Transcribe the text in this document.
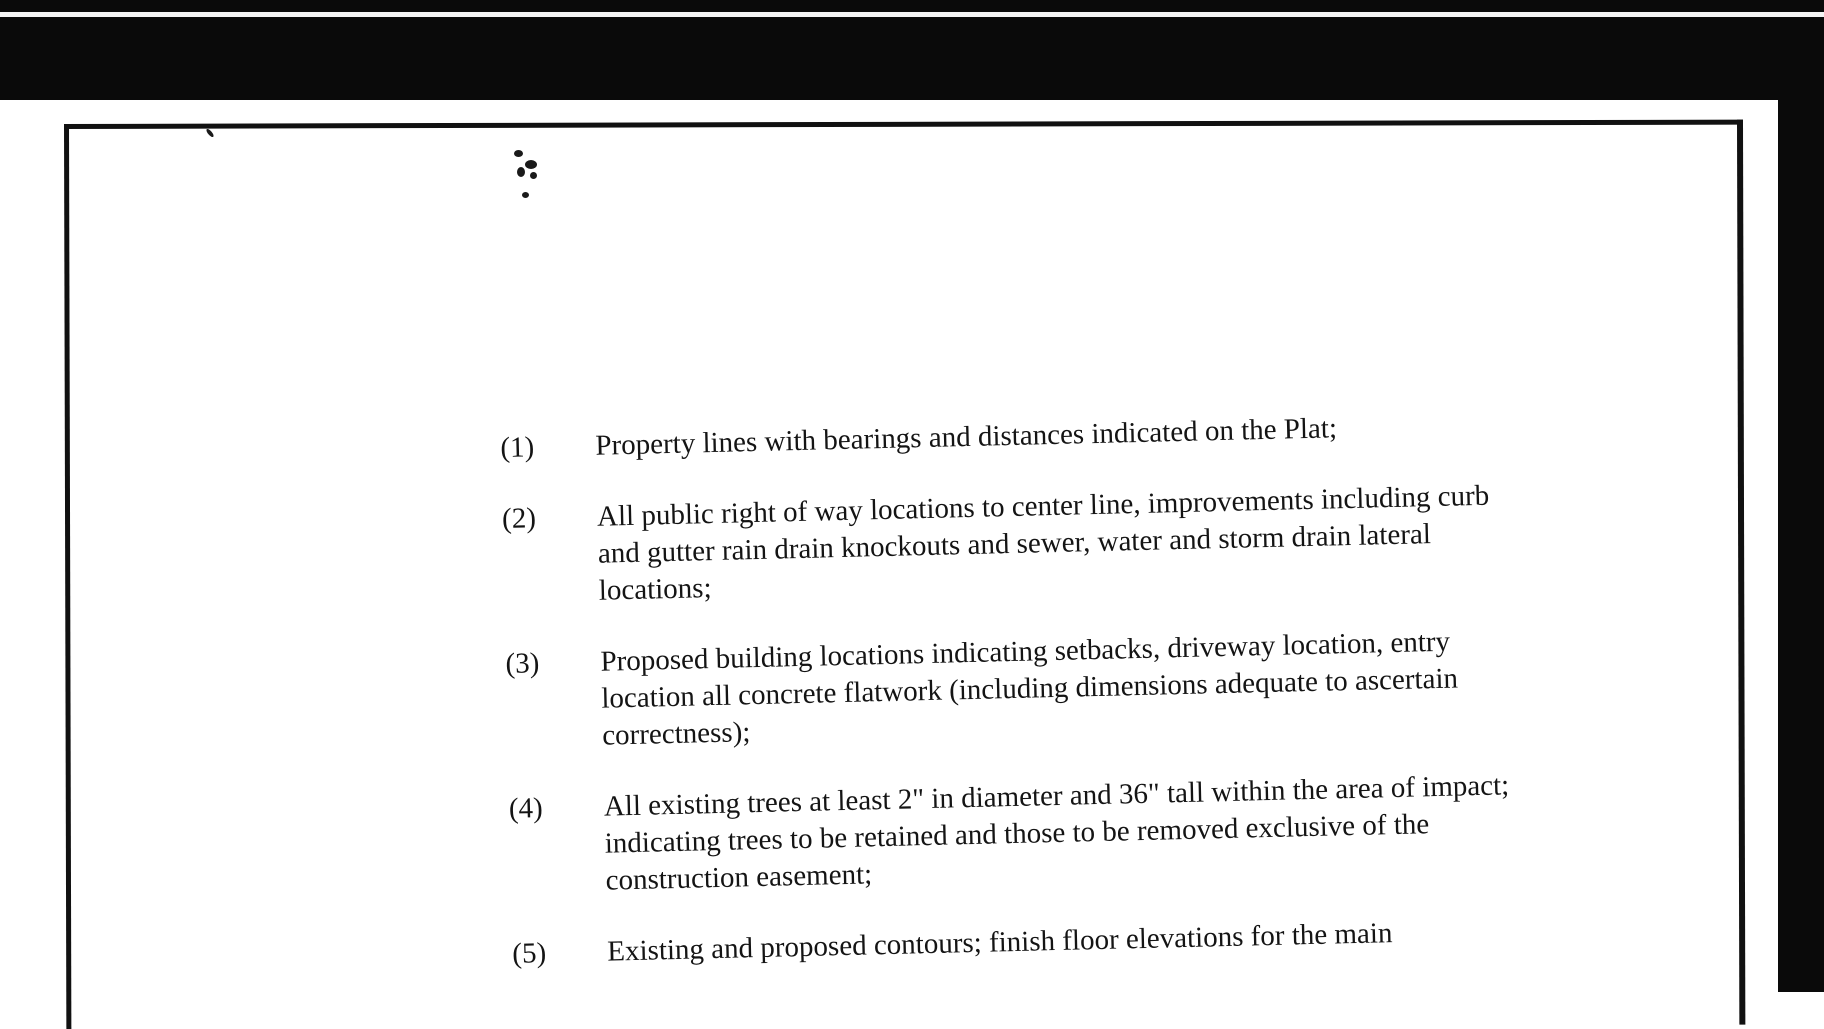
(1)	Property lines with bearings and distances indicated on the Plat;
(2)	All public right of way locations to center line, improvements including curb and gutter rain drain knockouts and sewer, water and storm drain lateral locations;
(3)	Proposed building locations indicating setbacks, driveway location, entry location all concrete flatwork (including dimensions adequate to ascertain correctness);
(4)	All existing trees at least 2" in diameter and 36" tall within the area of impact; indicating trees to be retained and those to be removed exclusive of the construction easement;
(5)	Existing and proposed contours; finish floor elevations for the main
